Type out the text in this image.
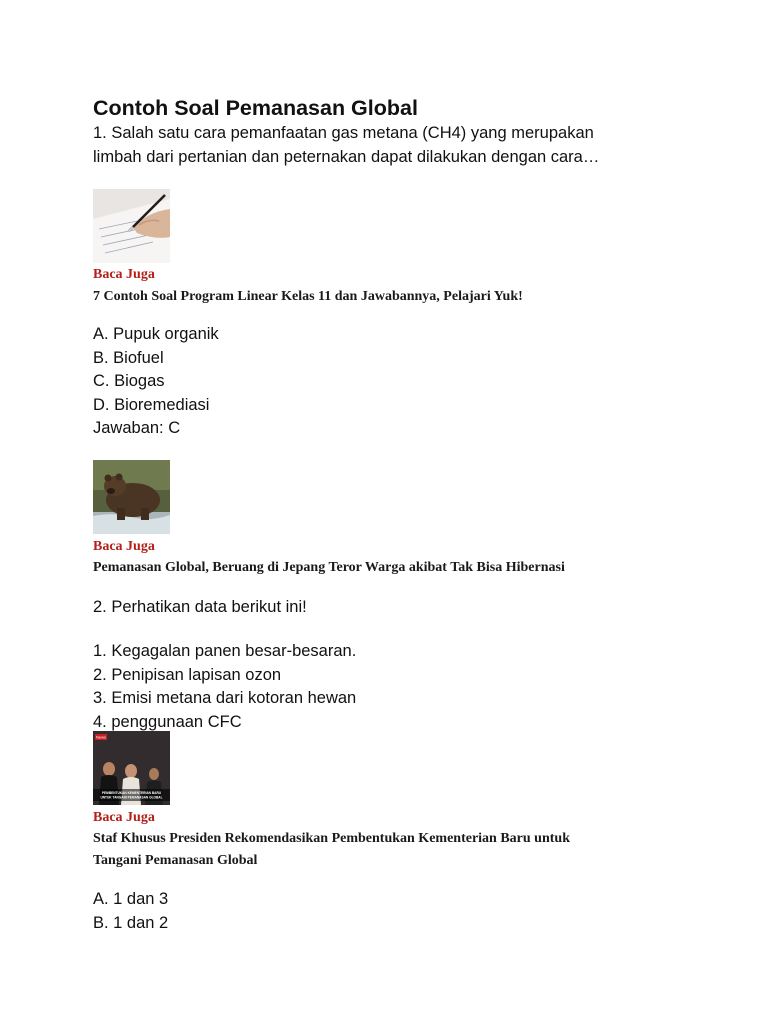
Contoh Soal Pemanasan Global
1. Salah satu cara pemanfaatan gas metana (CH4) yang merupakan
limbah dari pertanian dan peternakan dapat dilakukan dengan cara…
Baca Juga
7 Contoh Soal Program Linear Kelas 11 dan Jawabannya, Pelajari Yuk!
A. Pupuk organik
B. Biofuel
C. Biogas
D. Bioremediasi
Jawaban: C
Baca Juga
Pemanasan Global, Beruang di Jepang Teror Warga akibat Tak Bisa Hibernasi
2. Perhatikan data berikut ini!
1. Kegagalan panen besar-besaran.
2. Penipisan lapisan ozon
3. Emisi metana dari kotoran hewan
4. penggunaan CFC
News
PEMBENTUKAN KEMENTERIAN BARU
UNTUK TANGANI PEMANASAN GLOBAL
Baca Juga
Staf Khusus Presiden Rekomendasikan Pembentukan Kementerian Baru untuk
Tangani Pemanasan Global
A. 1 dan 3
B. 1 dan 2
